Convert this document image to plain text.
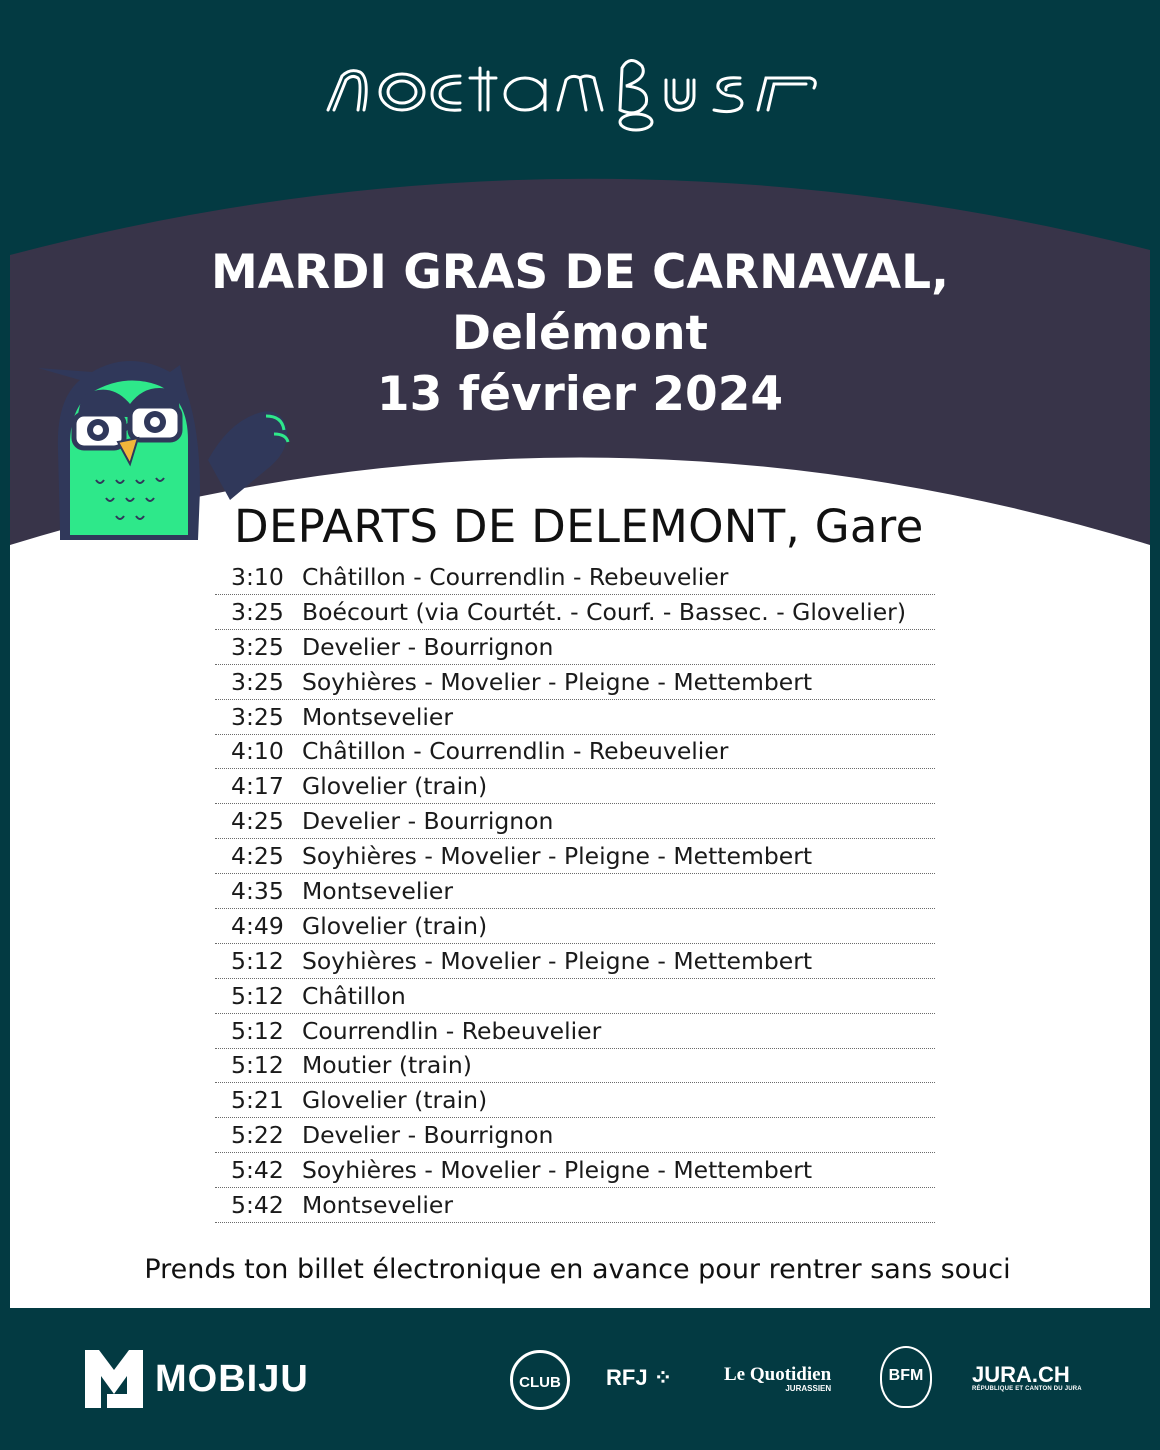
MARDI GRAS DE CARNAVAL,
Delémont
13 février 2024
DEPARTS DE DELEMONT, Gare
3:10 Châtillon - Courrendlin - Rebeuvelier
3:25 Boécourt (via Courtét. - Courf. - Bassec. - Glovelier)
3:25 Develier - Bourrignon
3:25 Soyhières - Movelier - Pleigne - Mettembert
3:25 Montsevelier
4:10 Châtillon - Courrendlin - Rebeuvelier
4:17 Glovelier (train)
4:25 Develier - Bourrignon
4:25 Soyhières - Movelier - Pleigne - Mettembert
4:35 Montsevelier
4:49 Glovelier (train)
5:12 Soyhières - Movelier - Pleigne - Mettembert
5:12 Châtillon
5:12 Courrendlin - Rebeuvelier
5:12 Moutier (train)
5:21 Glovelier (train)
5:22 Develier - Bourrignon
5:42 Soyhières - Movelier - Pleigne - Mettembert
5:42 Montsevelier
Prends ton billet électronique en avance pour rentrer sans souci
MOBIJU	CLUB	RFJ ⁘	Le Quotidien
JURASSIEN
BFM	JURA.CH
RÉPUBLIQUE ET CANTON DU JURA
